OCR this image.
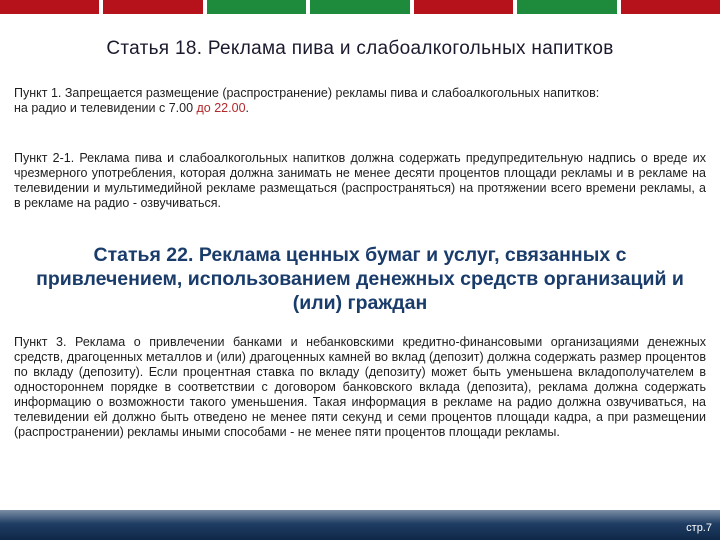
Статья 18. Реклама пива и слабоалкогольных напитков
Пункт 1. Запрещается размещение (распространение) рекламы пива и слабоалкогольных напитков:
на радио и телевидении с 7.00 до 22.00.
Пункт 2-1. Реклама пива и слабоалкогольных напитков должна содержать предупредительную надпись о вреде их чрезмерного употребления, которая должна занимать не менее десяти процентов площади рекламы и в рекламе на телевидении и мультимедийной рекламе размещаться (распространяться) на протяжении всего времени рекламы, а в рекламе на радио - озвучиваться.
Статья 22. Реклама ценных бумаг и услуг, связанных с привлечением, использованием денежных средств организаций и (или) граждан
Пункт 3. Реклама о привлечении банками и небанковскими кредитно-финансовыми организациями денежных средств, драгоценных металлов и (или) драгоценных камней во вклад (депозит) должна содержать размер процентов по вкладу (депозиту). Если процентная ставка по вкладу (депозиту) может быть уменьшена вкладополучателем в одностороннем порядке в соответствии с договором банковского вклада (депозита), реклама должна содержать информацию о возможности такого уменьшения. Такая информация в рекламе на радио должна озвучиваться, на телевидении ей должно быть отведено не менее пяти секунд и семи процентов площади кадра, а при размещении (распространении) рекламы иными способами - не менее пяти процентов площади рекламы.
стр.7
